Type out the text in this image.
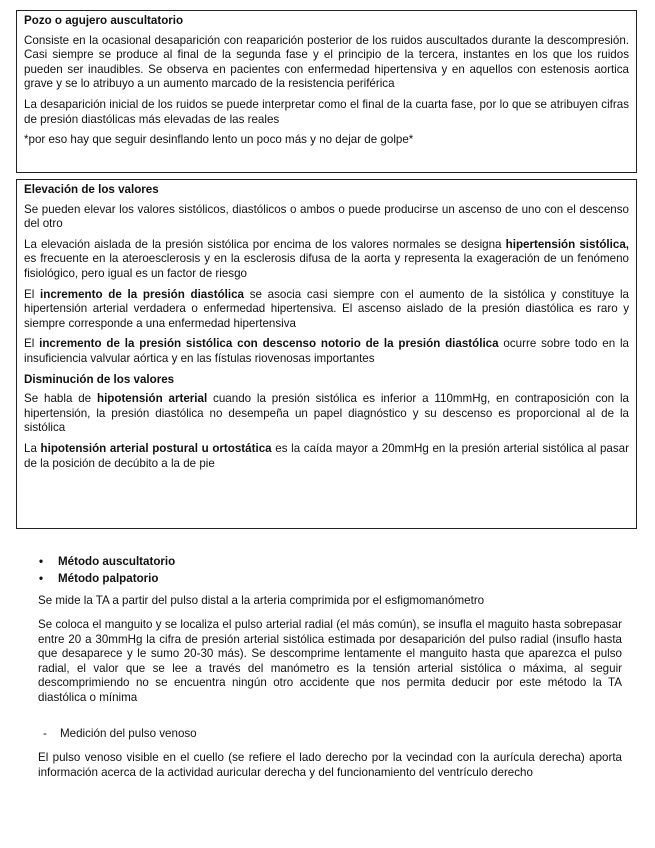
Pozo o agujero auscultatorio

Consiste en la ocasional desaparición con reaparición posterior de los ruidos auscultados durante la descompresión. Casi siempre se produce al final de la segunda fase y el principio de la tercera, instantes en los que los ruidos pueden ser inaudibles. Se observa en pacientes con enfermedad hipertensiva y en aquellos con estenosis aortica grave y se lo atribuyo a un aumento marcado de la resistencia periférica

La desaparición inicial de los ruidos se puede interpretar como el final de la cuarta fase, por lo que se atribuyen cifras de presión diastólicas más elevadas de las reales

*por eso hay que seguir desinflando lento un poco más y no dejar de golpe*

Elevación de los valores

Se pueden elevar los valores sistólicos, diastólicos o ambos o puede producirse un ascenso de uno con el descenso del otro

La elevación aislada de la presión sistólica por encima de los valores normales se designa hipertensión sistólica, es frecuente en la ateroesclerosis y en la esclerosis difusa de la aorta y representa la exageración de un fenómeno fisiológico, pero igual es un factor de riesgo

El incremento de la presión diastólica se asocia casi siempre con el aumento de la sistólica y constituye la hipertensión arterial verdadera o enfermedad hipertensiva. El ascenso aislado de la presión diastólica es raro y siempre corresponde a una enfermedad hipertensiva

El incremento de la presión sistólica con descenso notorio de la presión diastólica ocurre sobre todo en la insuficiencia valvular aórtica y en las fístulas riovenosas importantes

Disminución de los valores

Se habla de hipotensión arterial cuando la presión sistólica es inferior a 110mmHg, en contraposición con la hipertensión, la presión diastólica no desempeña un papel diagnóstico y su descenso es proporcional al de la sistólica

La hipotensión arterial postural u ortostática es la caída mayor a 20mmHg en la presión arterial sistólica al pasar de la posición de decúbito a la de pie

• Método auscultatorio
• Método palpatorio

Se mide la TA a partir del pulso distal a la arteria comprimida por el esfigmomanómetro

Se coloca el manguito y se localiza el pulso arterial radial (el más común), se insufla el maguito hasta sobrepasar entre 20 a 30mmHg la cifra de presión arterial sistólica estimada por desaparición del pulso radial (insuflo hasta que desaparece y le sumo 20-30 más). Se descomprime lentamente el manguito hasta que aparezca el pulso radial, el valor que se lee a través del manómetro es la tensión arterial sistólica o máxima, al seguir descomprimiendo no se encuentra ningún otro accidente que nos permita deducir por este método la TA diastólica o mínima

- Medición del pulso venoso

El pulso venoso visible en el cuello (se refiere el lado derecho por la vecindad con la aurícula derecha) aporta información acerca de la actividad auricular derecha y del funcionamiento del ventrículo derecho
